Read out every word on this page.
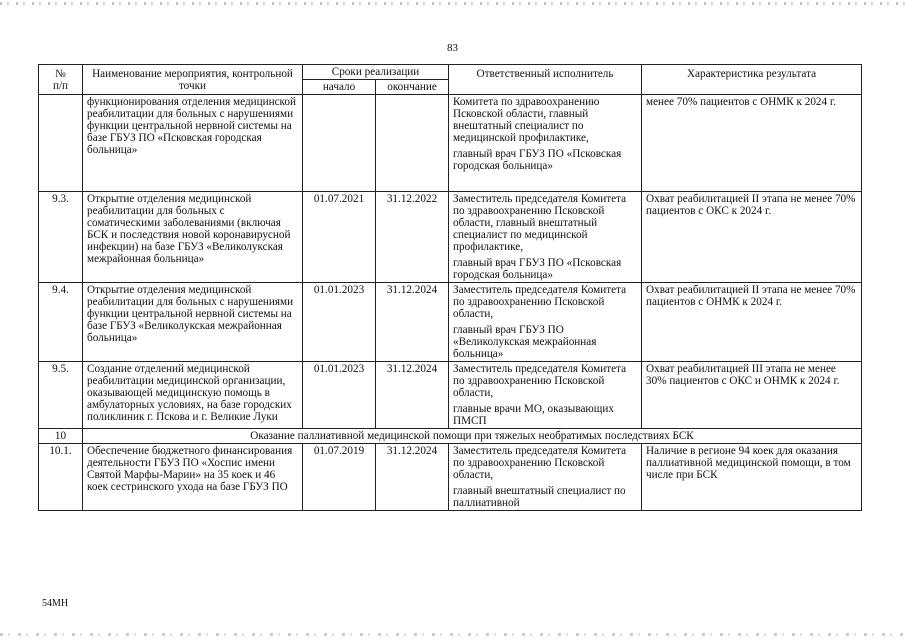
83
№
п/п	Наименование мероприятия, контрольной точки	Сроки реализации		Ответственный исполнитель	Характеристика результата
		начало	окончание		
	функционирования отделения медицинской реабилитации для больных с нарушениями функции центральной нервной системы на базе ГБУЗ ПО «Псковская городская больница»			Комитета по здравоохранению Псковской области, главный внештатный специалист по медицинской профилактике,
главный врач ГБУЗ ПО «Псковская городская больница»	менее 70% пациентов с ОНМК к 2024 г.
9.3.	Открытие отделения медицинской реабилитации для больных с соматическими заболеваниями (включая БСК и последствия новой коронавирусной инфекции) на базе ГБУЗ «Великолукская межрайонная больница»	01.07.2021	31.12.2022	Заместитель председателя Комитета по здравоохранению Псковской области, главный внештатный специалист по медицинской профилактике,
главный врач ГБУЗ ПО «Псковская городская больница»	Охват реабилитацией II этапа не менее 70% пациентов с ОКС к 2024 г.
9.4.	Открытие отделения медицинской реабилитации для больных с нарушениями функции центральной нервной системы на базе ГБУЗ «Великолукская межрайонная больница»	01.01.2023	31.12.2024	Заместитель председателя Комитета по здравоохранению Псковской области,
главный врач ГБУЗ ПО «Великолукская межрайонная больница»	Охват реабилитацией II этапа не менее 70% пациентов с ОНМК к 2024 г.
9.5.	Создание отделений медицинской реабилитации медицинской организации, оказывающей медицинскую помощь в амбулаторных условиях, на базе городских поликлиник г. Пскова и г. Великие Луки	01.01.2023	31.12.2024	Заместитель председателя Комитета по здравоохранению Псковской области,
главные врачи МО, оказывающих ПМСП	Охват реабилитацией III этапа не менее 30% пациентов с ОКС и ОНМК к 2024 г.
10	Оказание паллиативной медицинской помощи при тяжелых необратимых последствиях БСК				
10.1.	Обеспечение бюджетного финансирования деятельности ГБУЗ ПО «Хоспис имени Святой Марфы-Марии» на 35 коек и 46 коек сестринского ухода на базе ГБУЗ ПО	01.07.2019	31.12.2024	Заместитель председателя Комитета по здравоохранению Псковской области,
главный внештатный специалист по паллиативной	Наличие в регионе 94 коек для оказания паллиативной медицинской помощи, в том числе при БСК
54МН
